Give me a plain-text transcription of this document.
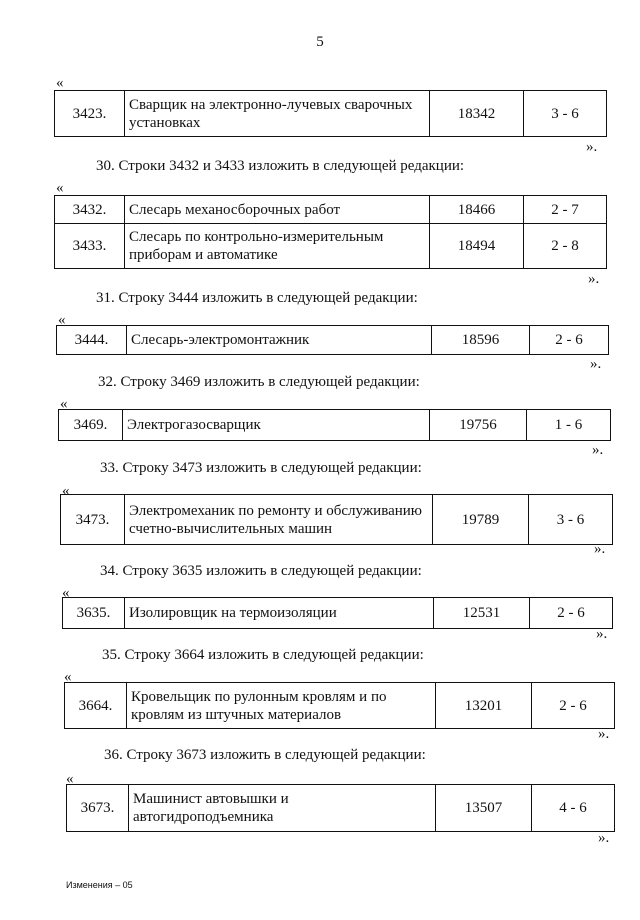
5
«
3423.	Сварщик на электронно-лучевых сварочных установках	18342	3 - 6
».
30. Строки 3432 и 3433 изложить в следующей редакции:
«
3432.	Слесарь механосборочных работ	18466	2 - 7
3433.	Слесарь по контрольно-измерительным приборам и автоматике	18494	2 - 8
».
31. Строку 3444 изложить в следующей редакции:
«
3444.	Слесарь-электромонтажник	18596	2 - 6
».
32. Строку 3469 изложить в следующей редакции:
«
3469.	Электрогазосварщик	19756	1 - 6
».
33. Строку 3473 изложить в следующей редакции:
«
3473.	Электромеханик по ремонту и обслуживанию счетно-вычислительных машин	19789	3 - 6
».
34. Строку 3635 изложить в следующей редакции:
«
3635.	Изолировщик на термоизоляции	12531	2 - 6
».
35. Строку 3664 изложить в следующей редакции:
«
3664.	Кровельщик по рулонным кровлям и по кровлям из штучных материалов	13201	2 - 6
».
36. Строку 3673 изложить в следующей редакции:
«
3673.	Машинист автовышки и автогидроподъемника	13507	4 - 6
».
Изменения – 05
